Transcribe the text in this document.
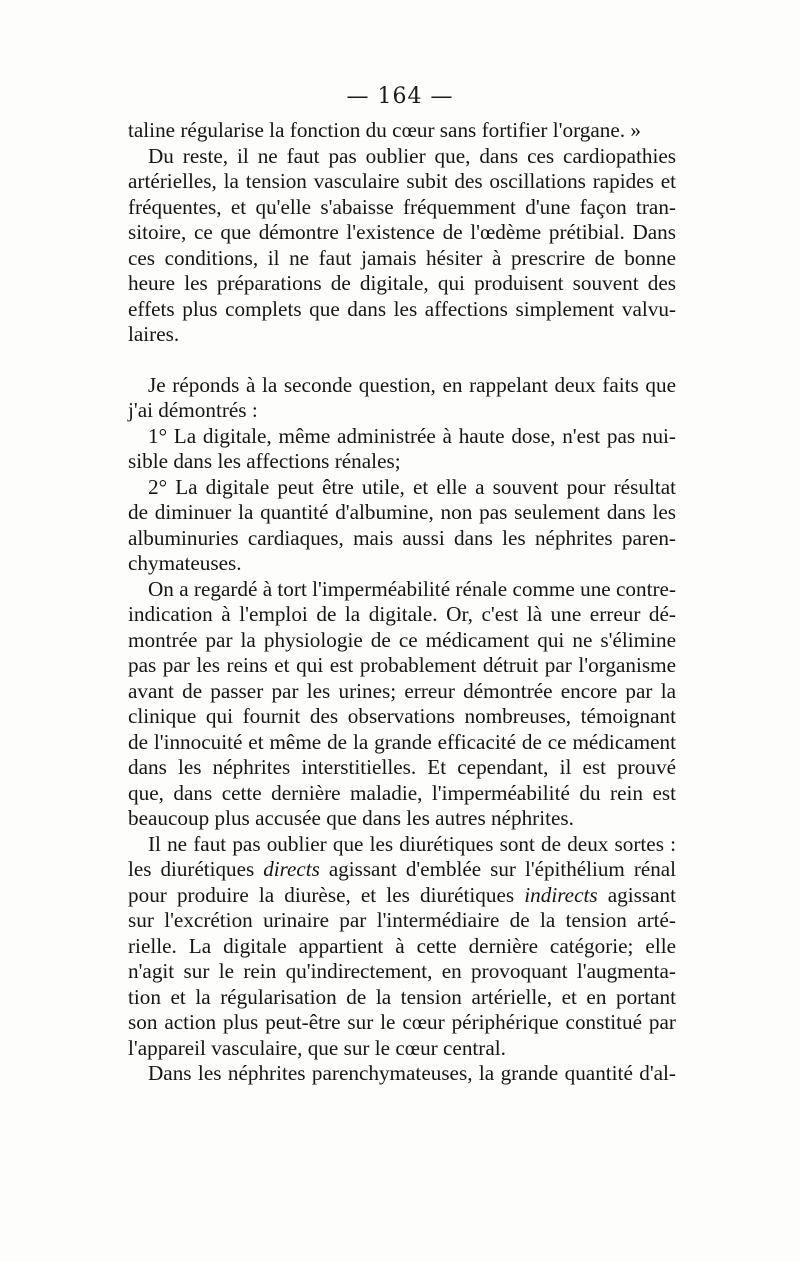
— 164 —
taline régularise la fonction du cœur sans fortifier l'organe. »
Du reste, il ne faut pas oublier que, dans ces cardiopathies
artérielles, la tension vasculaire subit des oscillations rapides et
fréquentes, et qu'elle s'abaisse fréquemment d'une façon tran-
sitoire, ce que démontre l'existence de l'œdème prétibial. Dans
ces conditions, il ne faut jamais hésiter à prescrire de bonne
heure les préparations de digitale, qui produisent souvent des
effets plus complets que dans les affections simplement valvu-
laires.
Je réponds à la seconde question, en rappelant deux faits que
j'ai démontrés :
1° La digitale, même administrée à haute dose, n'est pas nui-
sible dans les affections rénales;
2° La digitale peut être utile, et elle a souvent pour résultat
de diminuer la quantité d'albumine, non pas seulement dans les
albuminuries cardiaques, mais aussi dans les néphrites paren-
chymateuses.
On a regardé à tort l'imperméabilité rénale comme une contre-
indication à l'emploi de la digitale. Or, c'est là une erreur dé-
montrée par la physiologie de ce médicament qui ne s'élimine
pas par les reins et qui est probablement détruit par l'organisme
avant de passer par les urines; erreur démontrée encore par la
clinique qui fournit des observations nombreuses, témoignant
de l'innocuité et même de la grande efficacité de ce médicament
dans les néphrites interstitielles. Et cependant, il est prouvé
que, dans cette dernière maladie, l'imperméabilité du rein est
beaucoup plus accusée que dans les autres néphrites.
Il ne faut pas oublier que les diurétiques sont de deux sortes :
les diurétiques directs agissant d'emblée sur l'épithélium rénal
pour produire la diurèse, et les diurétiques indirects agissant
sur l'excrétion urinaire par l'intermédiaire de la tension arté-
rielle. La digitale appartient à cette dernière catégorie; elle
n'agit sur le rein qu'indirectement, en provoquant l'augmenta-
tion et la régularisation de la tension artérielle, et en portant
son action plus peut-être sur le cœur périphérique constitué par
l'appareil vasculaire, que sur le cœur central.
Dans les néphrites parenchymateuses, la grande quantité d'al-
